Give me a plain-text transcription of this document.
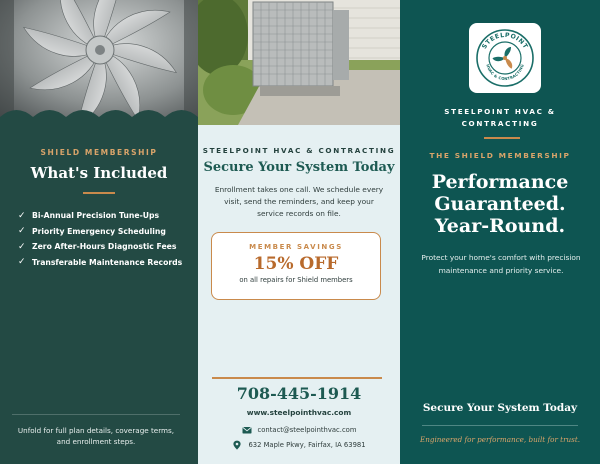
SHIELD MEMBERSHIP
What's Included
✓ Bi-Annual Precision Tune-Ups
✓ Priority Emergency Scheduling
✓ Zero After-Hours Diagnostic Fees
✓ Transferable Maintenance Records
Unfold for full plan details, coverage terms, and enrollment steps.
STEELPOINT HVAC & CONTRACTING
Secure Your System Today
Enrollment takes one call. We schedule every visit, send the reminders, and keep your service records on file.
MEMBER SAVINGS
15% OFF
on all repairs for Shield members
708-445-1914
www.steelpointhvac.com
contact@steelpointhvac.com
632 Maple Pkwy, Fairfax, IA 63981
STEELPOINT
HVAC & CONTRACTING
STEELPOINT HVAC &
CONTRACTING
THE SHIELD MEMBERSHIP
Performance
Guaranteed.
Year-Round.
Protect your home's comfort with precision maintenance and priority service.
Secure Your System Today
Engineered for performance, built for trust.
